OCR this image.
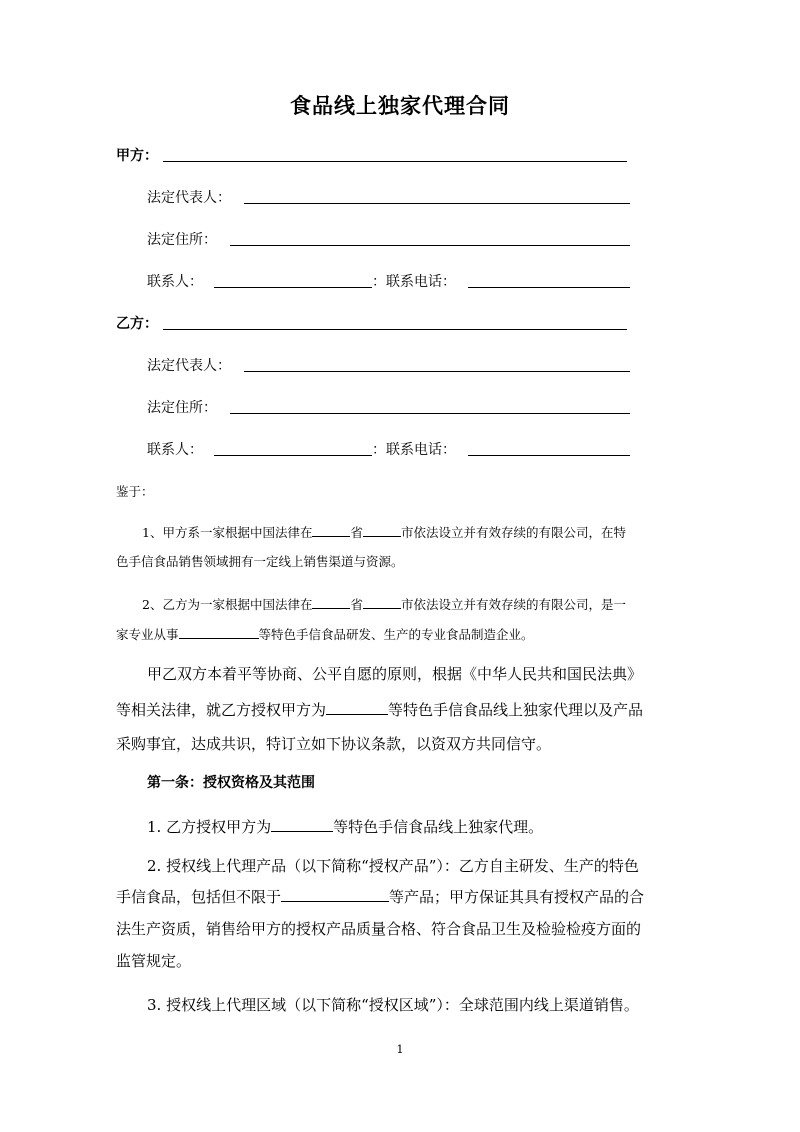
食品线上独家代理合同
甲方：
法定代表人：
法定住所：
联系人：	：联系电话：
乙方：
法定代表人：
法定住所：
联系人：	：联系电话：
鉴于：
1、甲方系一家根据中国法律在	省	市依法设立并有效存续的有限公司，在特
色手信食品销售领域拥有一定线上销售渠道与资源。
2、乙方为一家根据中国法律在	省	市依法设立并有效存续的有限公司，是一
家专业从事	等特色手信食品研发、生产的专业食品制造企业。
甲乙双方本着平等协商、公平自愿的原则，根据《中华人民共和国民法典》
等相关法律，就乙方授权甲方为	等特色手信食品线上独家代理以及产品
采购事宜，达成共识，特订立如下协议条款，以资双方共同信守。
第一条：授权资格及其范围
1. 乙方授权甲方为	等特色手信食品线上独家代理。
2. 授权线上代理产品（以下简称“授权产品”）：乙方自主研发、生产的特色
手信食品，包括但不限于	等产品；甲方保证其具有授权产品的合
法生产资质，销售给甲方的授权产品质量合格、符合食品卫生及检验检疫方面的
监管规定。
3. 授权线上代理区域（以下简称“授权区域”）：全球范围内线上渠道销售。
1
